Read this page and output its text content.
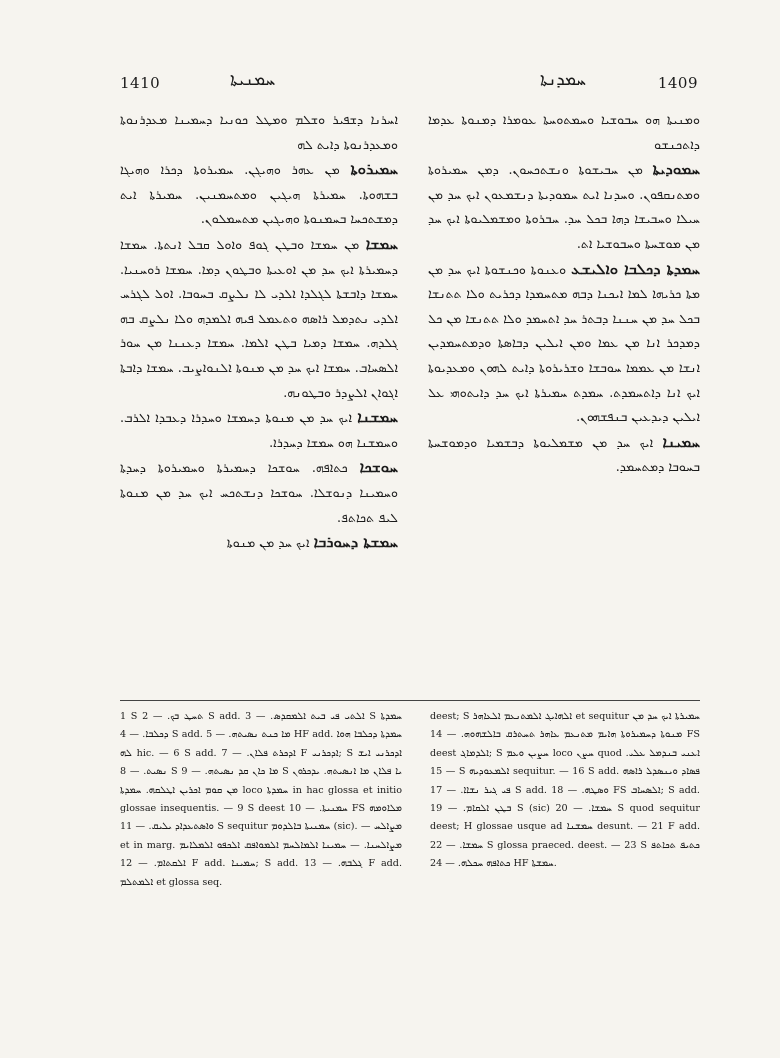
1410	ܚܡܢܝܬܐ	ܚܡܕܢܬܐ	1409

ܐܚܪܢܐ ܕܫܦܝܪ ܘܫܠܡ ܘܡܛܠ ܟܘܢܝܐ ܕܚܡܝܢܐ ܡܥܕܪܢܘܬܐ ܘܡܥܕܪܢܘܬܐ ܕܐܝܬ ܠܗ

ܚܡܝܪܘܬܐ ܡܢ ܥܗܪ ܘܗܝܓܢ. ܚܡܝܪܘܬܐ ܕܟܪܐ ܘܗܝܓܐ ܒܫܗܘܬܐ. ܚܡܝܪܬܐ ܗܝܓܝܢ ܘܡܬܚܡܢܝܢ. ܚܡܝܪܬܐ ܐܝܬ ܕܡܫܬܟܚܐ ܒܚܡܢܘܬܐ ܘܗܝܓܝܢ ܡܬܚܡܠܘܢ.

ܚܡܫܐ ܡܢ ܚܡܫܐ ܘܒܛܢ ܓܘܦ ܘܐܘܠ ܩܒܠ ܐܢܬܬܐ. ܚܡܫܐ ܕܚܡܝܪܬܐ ܐܝܟ ܚܕ ܡܢ ܐܘܥܝܬܐ ܘܒܛܘܢ ܕܡܐ. ܚܡܫܐ ܪܘܚܢܝܐ. ܚܡܫܐ ܕܐܒܫܬܐ ܠܓܠܕܐ ܐܠܕܝ ܠܐ ܢܠܨܩ ܒܚܘܒܐ. ܐܘܠ ܠܓܪܚ ܐܠܕܝ ܢܬܕܡܠ ܪܐܣܗ ܘܬܥܡܠ ܦܝܗ ܐܠܡܕܗ ܘܠܐ ܢܠܨܩ ܒܗ ܓܠܕܗ. ܚܡܫܐ ܕܡܝܐ ܒܛܢ ܐܠܡܐ. ܚܡܫܐ ܕܥܢܢܐ ܡܢ ܚܘܪ ܐܠܣܚܐܒ. ܚܡܫܐ ܐܝܟ ܚܕ ܡܢ ܡܢܘܬܐ ܐܠܢܘܐܨܝܒ. ܚܡܫܐ ܕܐܒܬܐ ܐܓܘܐܢ ܐܠܨܕܪ ܘܒܛܘܢܗ.

ܚܡܫܢܐ ܐܝܟ ܚܕ ܡܢ ܡܢܘܬܐ ܕܚܡܫܐ ܘܚܕܪܐ ܕܥܒܕܐ ܐܠܪܒ. ܘܚܡܫܢܐ ܗܘ ܚܡܫܐ ܕܚܕܪܐ.

ܚܘܫܟܐ ܟܬܐܦܗ. ܚܘܫܟܐ ܕܚܡܝܪܬܐ ܘܚܡܝܪܘܬܐ ܕܚܕܬܐ ܘܚܡܝܢܐ ܕܢܘܫܠܐ. ܚܘܫܟܐ ܕܢܫܬܟܚ ܐܝܟ ܚܕ ܡܢ ܡܢܘܬܐ ܠܝܦ ܬܟܐܬܦ.

ܚܡܫܬܐ ܕܚܘܪܒܐ ܐܝܟ ܚܕ ܡܢ ܡܢܘܬܐ

ܘܡܢܝܬܐ ܗܘ ܚܒܘܫܝܐ ܘܚܡܬܘܚܬܐ ܥܘܡܪܐ ܕܡܢܘܬܐ ܥܕܡܐ ܕܐܬܟܢܫܘ

ܚܡܘܕܝܬܐ ܡܢ ܚܒܝܫܘܬܐ ܘܢܫܬܟܚܘܢ. ܕܡܢ ܚܡܝܪܘܬܐ ܘܡܬܢܩܦܘܢ. ܘܚܕܢܐ ܐܝܬ ܚܡܘܕܝܬܐ ܕܢܫܡܥܘܢ ܐܝܟ ܚܕ ܡܢ ܚܝܠܐ ܘܚܒܝܫܐ ܕܗܐ ܒܟܠ ܚܕ. ܚܒܪܘܬܐ ܘܡܫܡܠܝܘܬܐ ܐܝܟ ܚܕ ܡܢ ܡܘܫܚܬܐ ܘܚܒܘܫܝܐ ܐܬ.

ܚܡܕܬܐ ܕܟܠܒܐ ܘܐܠܝܫܥ ܘܥܢܘܬܐ ܘܟܢܫܘܬܐ ܐܝܟ ܚܕ ܡܢ ܡܬܐ ܟܪܝܗܐ ܠܡܐ ܐܝܟܢܐ ܕܒܗ ܡܬܚܡܕܐ ܕܟܪܝܬ ܘܠܐ ܬܬܢܫܐ ܒܟܠ ܚܕ ܡܢ ܚܢܢܐ ܕܒܬܪ ܚܕ ܐܬܚܡܕ ܘܠܐ ܬܬܢܫܐ ܡܢ ܟܠ ܕܡܕܟܪ ܐܢܐ ܡܢ ܥܡܐ ܘܡܢ ܐܝܠܝܢ ܕܒܐܣܬܐ ܘܕܡܬܚܡܕܝܢ ܐܢܫܐ ܡܢ ܥܡܡܐ ܚܘܒܫܐ ܘܫܪܝܪܘܬܐ ܕܐܝܬ ܠܗܘܢ ܘܡܥܕܝܘܬܐ ܐܝܟ ܐܢܐ ܕܐܬܚܡܕܬ. ܚܡܕܬ ܚܡܝܪܬܐ ܐܝܟ ܚܕ ܕܐܝܬܘܗܝ ܥܠ ܐܝܠܝܢ ܕܝܕܥܝܢ ܒܢܦܫܗܘܢ.

ܚܡܝܢܐ ܐܝܟ ܚܕ ܡܢ ܡܫܡܠܝܘܬܐ ܕܒܫܡܝܐ ܘܕܡܘܫܚܬܐ ܒܚܘܒܐ ܕܡܬܚܡܕ.

1 S ܬܚܛ ܒܟ. — 2 S add. ܐܠܬܝ ܦܝ ܒܝܬ ܐܠܡܩܕܣ. — 3 S ܚܡܕܬܐ ܕܟܠܒܐ. — 4 S add. ܡܐ ܟܢܬ ܢܣܝܬܗ. — 5 HF add. ܚܡܕܬܐ ܕܟܠܒܐ ܗܘܐ ܠܗ hic. — 6 S add. ܐܕܟܪܬ ܦܠܐܢ. — 7 F ܐܕܟܪܢܝ; S ܐܕܟܪܢܝ ܐܝܫ ܢܣܝܬ. — 8 S ܡܐ ܟܐܢ ܩܕ ܢܣܝܬܗ. — 9 S ܝܐ ܦܠܐܢ ܡܐ ܐܢܣܝܬܗ. ܝܕܟܪܘܢ ܡܢ ܩܘܡ ܐܟܪܝܢ ܐܛܠܩܗ. ܚܡܕܬܐ loco ܚܡܕܬܐ in hac glossa et initio glossae insequentis. — 9 S deest ܚܡܢܝܬܐ. — 10 FS ܡܠܐܘܡܗ ܘܐܣܬܥܕܐܕ ܝܠܝܩ. — 11 S sequitur ܚܡܢܝܬܐ ܒܐܠܕܘܡ (sic). — ܡܨܐܠܚ et in marg. ܡܨܐܠܚܢܐ. — ܚܡܝܢܐ ܐܠܡܐܠܚܡ ܐܠܡܘܐܦܩ ܐܠܟܦܘ ܐܠܡܠܐܝܡ ܐܠܩܬܐܡ. — 12 F add. ܚܡܝܢܐ; S add. ܓܠܒܗ. — 13 F add. ܐܠܡܬܠܡ et glossa seq.

deest; S ܐܠܗܐܝܓ ܐܠܡܬܢܥܡ ܐܠܥܐܗܪ et sequitur ܚܡܝܪܬܐ ܐܝܟ ܚܕ ܡܢ ܡܢܘܬܐ ܕܚܡܝܪܘܬܐ ܗܐܝܡ ܡܬܢܥܡ ܥܐܗܪ ܬܚܬܪܩ ܒܐܠܫܗܘܗ. — 14 FS deest ܐܠܕܡܐܓ; S ܚܨܝܢ ܘܥܡ loco ܚܨܢ quod ܐܥܢܝ ܒܢܕܡܠ ܥܠܝ. — 15 S ܐܠܡܥܘܕܝܗ sequitur. — 16 S add. ܦܣܐܕ ܘܝܢܣܕܠ ܪܐܣܗ ܦܝ ܓܝܪ ܢܫܐܐ. — 17 S add. ܘܣܛܗ. — 18 FS ܐܠܣܚܐܒ; S add. ܒܛܢ ܐܠܩܐܡ. — 19 S (sic) ܚܡܫܐ. — 20 S quod sequitur deest; H glossae usque ad ܚܡܫܢܐ desunt. — 21 F add. ܚܡܫܐ. — 22 S glossa praeced. deest. — 23 S ܟܬܝܦ ܬܟܐܬܦ ܟܬܐܦܗ ܚܟܠܗ. — 24 HF ܚܡܫܬܐ.
